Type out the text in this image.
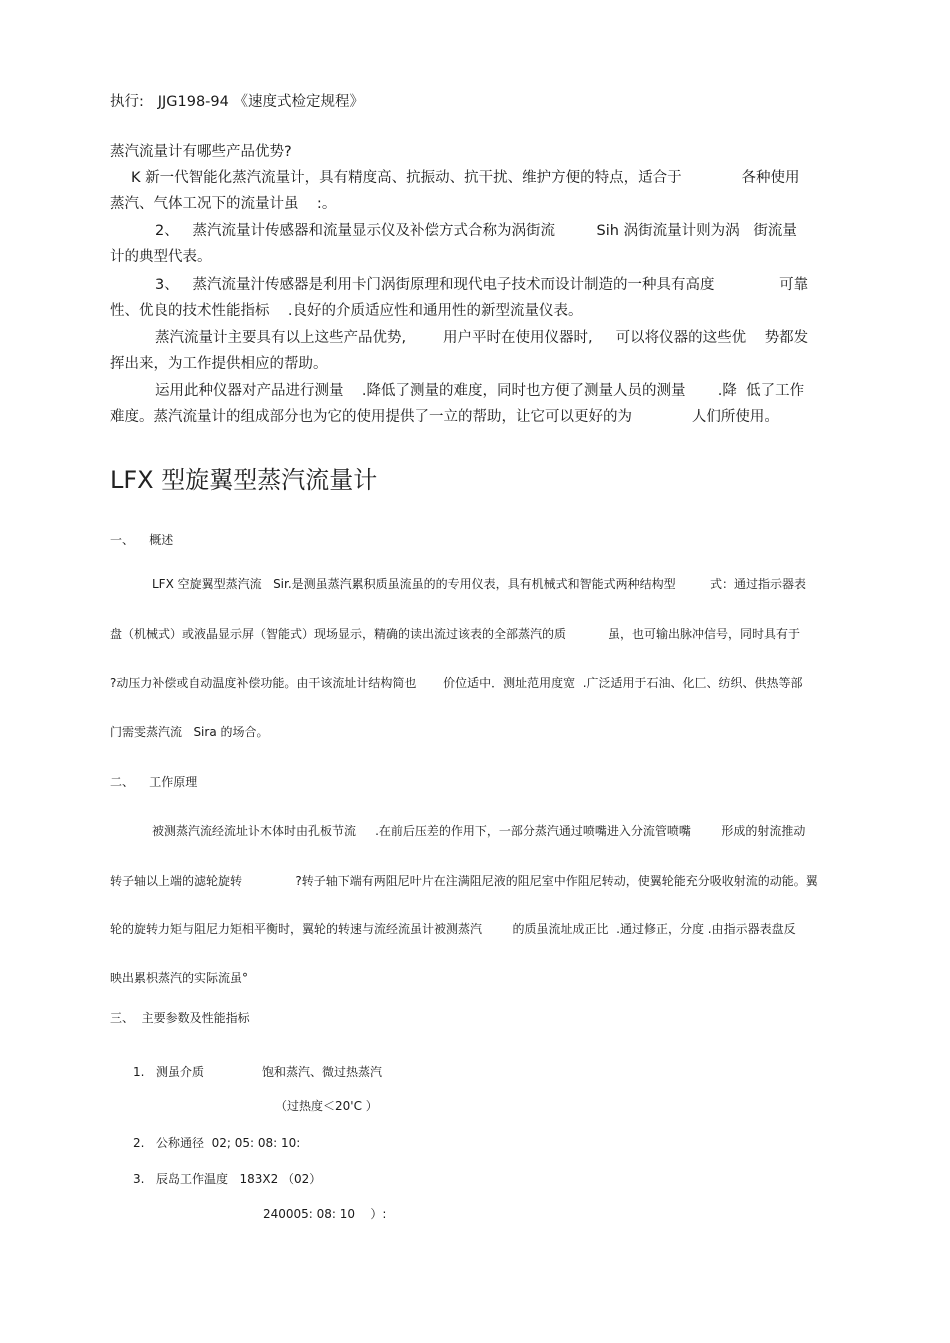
执行:   JJG198-94 《速度式检定规程》

蒸汽流量计有哪些产品优势?

K 新一代智能化蒸汽流量计，具有精度高、抗振动、抗干扰、维护方便的特点，适合于             各种使用

蒸汽、气体工况下的流量计虽    :。

2、   蒸汽流量计传感器和流量显示仪及补偿方式合称为涡街流         Sih 涡街流量计则为涡   街流量

计的典型代表。

3、   蒸汽流量汁传感器是利用卡门涡街原理和现代电子技术而设计制造的一种具有高度              可靠

性、优良的技术性能指标    .良好的介质适应性和通用性的新型流量仪表。

蒸汽流量计主要具有以上这些产品优势,        用户平时在使用仪器时,     可以将仪器的这些优    势都发

挥出来，为工作提供相应的帮助。

运用此种仪器对产品进行测量    .降低了测量的难度，同时也方便了测量人员的测量       .降  低了工作

难度。蒸汽流量计的组成部分也为它的使用提供了一立的帮助，让它可以更好的为             人们所使用。

LFX 型旋翼型蒸汽流量计

一、    概述

LFX 空旋翼型蒸汽流   Sir.是测虽蒸汽累积质虽流虽的的专用仪表，具有机械式和智能式两种结构型         式：通过指示器表

盘（机械式）或液晶显示屏（智能式）现场显示，精确的读出流过该表的全部蒸汽的质           虽，也可输出脉冲信号，同时具有于

?动压力补偿或自动温度补偿功能。由干该流址计结构简也       价位适中．测址范用度宽  .广泛适用于石油、化匚、纺织、供热等部

门需雯蒸汽流   Sira 的场合。

二、    工作原理

被测蒸汽流经流址讣木体时由孔板节流     .在前后压差的作用下，一部分蒸汽通过喷嘴进入分流管喷嘴        形成的射流推动

转子轴以上端的滤轮旋转              ?转子轴下端有两阻尼叶片在注满阻尼液的阻尼室中作阻尼转动，使翼轮能充分吸收射流的动能。翼

轮的旋转力矩与阻尼力矩相平衡时，翼轮的转速与流经流虽计被测蒸汽        的质虽流址成正比  .通过修正，分度 .由指示器表盘反

映出累枳蒸汽的实际流虽°

三、  主要参数及性能指标

1. 测虽介质	饱和蒸汽、微过热蒸汽

（过热度＜20'C ）

2. 公称通径  02; 05: 08: 10:

3. 辰岛工作温度   183X2 （02）

240005: 08: 10    ）:
